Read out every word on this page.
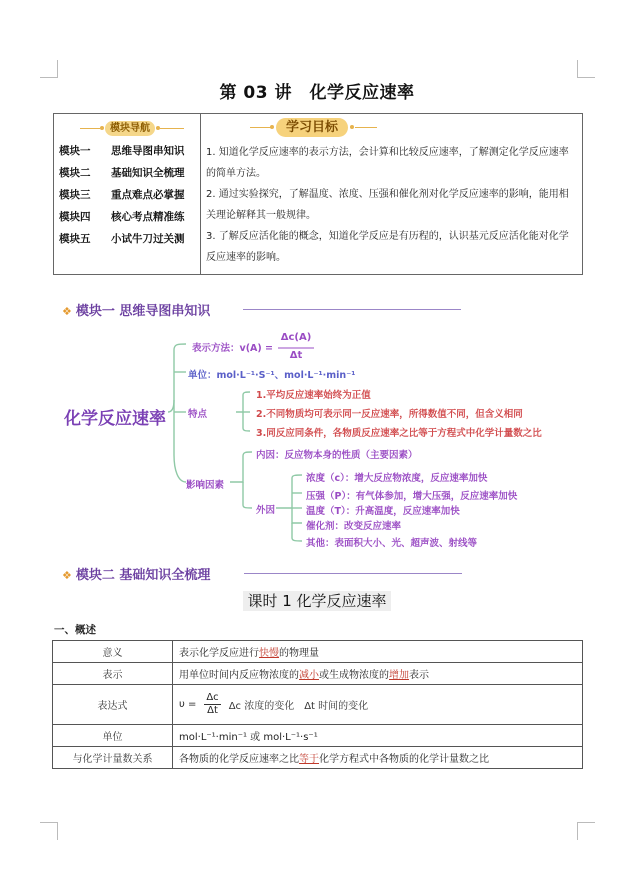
第 03 讲　化学反应速率
模块导航
模块一 思维导图串知识
模块二 基础知识全梳理
模块三 重点难点必掌握
模块四 核心考点精准练
模块五 小试牛刀过关测
学习目标
1. 知道化学反应速率的表示方法，会计算和比较反应速率，了解测定化学反应速率的简单方法。
2. 通过实验探究，了解温度、浓度、压强和催化剂对化学反应速率的影响，能用相关理论解释其一般规律。
3. 了解反应活化能的概念，知道化学反应是有历程的，认识基元反应活化能对化学反应速率的影响。
❖ 模块一 思维导图串知识
化学反应速率
表示方法：v(A) =
Δc(A)
Δt
单位：mol·L⁻¹·S⁻¹、mol·L⁻¹·min⁻¹
特点
1.平均反应速率始终为正值
2.不同物质均可表示同一反应速率，所得数值不同，但含义相同
3.同反应同条件，各物质反应速率之比等于方程式中化学计量数之比
影响因素
内因：反应物本身的性质（主要因素）
外因
浓度（c）：增大反应物浓度，反应速率加快
压强（P）：有气体参加，增大压强，反应速率加快
温度（T）：升高温度，反应速率加快
催化剂：改变反应速率
其他：表面积大小、光、超声波、射线等
❖ 模块二 基础知识全梳理
课时 1 化学反应速率
一、概述
意义	表示化学反应进行快慢的物理量
表示	用单位时间内反应物浓度的减小或生成物浓度的增加表示
表达式	$\upsilon = \frac{\Delta c}{\Delta t}$ Δc 浓度的变化　Δt 时间的变化

单位	mol·L⁻¹·min⁻¹ 或 mol·L⁻¹·s⁻¹
与化学计量数关系	各物质的化学反应速率之比等于化学方程式中各物质的化学计量数之比
